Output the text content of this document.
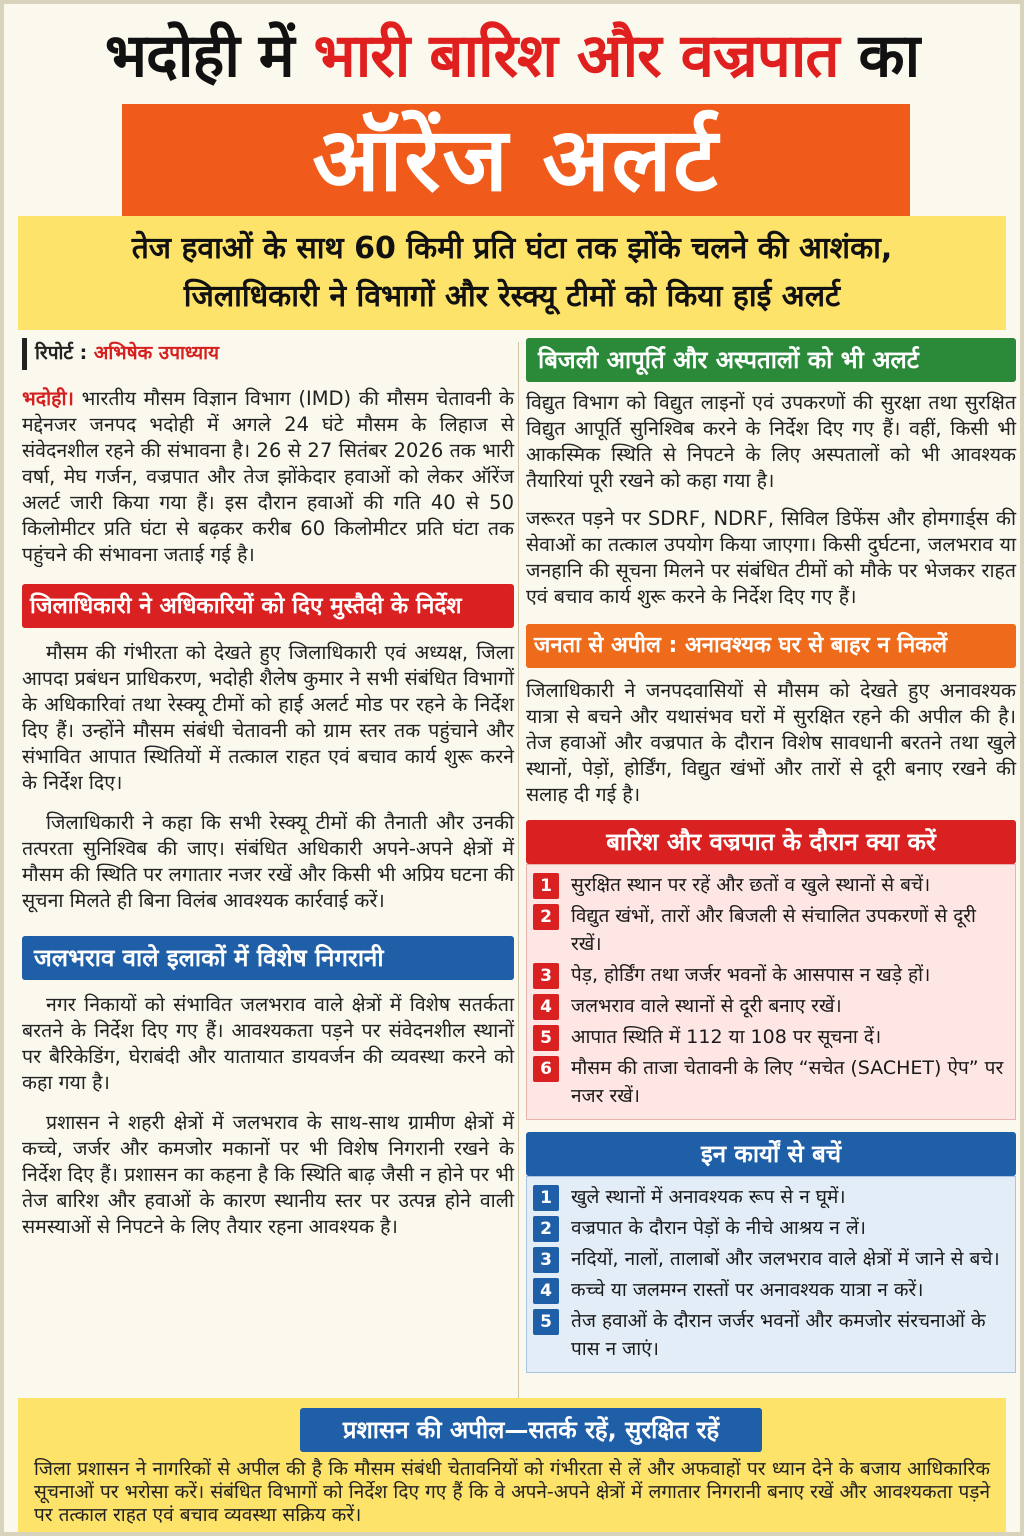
भदोही में भारी बारिश और वज्रपात का
ऑरेंज अलर्ट
तेज हवाओं के साथ 60 किमी प्रति घंटा तक झोंके चलने की आशंका,
जिलाधिकारी ने विभागों और रेस्क्यू टीमों को किया हाई अलर्ट
रिपोर्ट : अभिषेक उपाध्याय

भदोही। भारतीय मौसम विज्ञान विभाग (IMD) की मौसम चेतावनी के मद्देनजर जनपद भदोही में अगले 24 घंटे मौसम के लिहाज से संवेदनशील रहने की संभावना है। 26 से 27 सितंबर 2026 तक भारी वर्षा, मेघ गर्जन, वज्रपात और तेज झोंकेदार हवाओं को लेकर ऑरेंज अलर्ट जारी किया गया हैं। इस दौरान हवाओं की गति 40 से 50 किलोमीटर प्रति घंटा से बढ़कर करीब 60 किलोमीटर प्रति घंटा तक पहुंचने की संभावना जताई गई है।

जिलाधिकारी ने अधिकारियों को दिए मुस्तैदी के निर्देश

मौसम की गंभीरता को देखते हुए जिलाधिकारी एवं अध्यक्ष, जिला आपदा प्रबंधन प्राधिकरण, भदोही शैलेष कुमार ने सभी संबंधित विभागों के अधिकारिवां तथा रेस्क्यू टीमों को हाई अलर्ट मोड पर रहने के निर्देश दिए हैं। उन्होंने मौसम संबंधी चेतावनी को ग्राम स्तर तक पहुंचाने और संभावित आपात स्थितियों में तत्काल राहत एवं बचाव कार्य शुरू करने के निर्देश दिए।

जिलाधिकारी ने कहा कि सभी रेस्क्यू टीमों की तैनाती और उनकी तत्परता सुनिश्विब की जाए। संबंधित अधिकारी अपने-अपने क्षेत्रों में मौसम की स्थिति पर लगातार नजर रखें और किसी भी अप्रिय घटना की सूचना मिलते ही बिना विलंब आवश्यक कार्रवाई करें।

जलभराव वाले इलाकों में विशेष निगरानी

नगर निकायों को संभावित जलभराव वाले क्षेत्रों में विशेष सतर्कता बरतने के निर्देश दिए गए हैं। आवश्यकता पड़ने पर संवेदनशील स्थानों पर बैरिकेडिंग, घेराबंदी और यातायात डायवर्जन की व्यवस्था करने को कहा गया है।

प्रशासन ने शहरी क्षेत्रों में जलभराव के साथ-साथ ग्रामीण क्षेत्रों में कच्चे, जर्जर और कमजोर मकानों पर भी विशेष निगरानी रखने के निर्देश दिए हैं। प्रशासन का कहना है कि स्थिति बाढ़ जैसी न होने पर भी तेज बारिश और हवाओं के कारण स्थानीय स्तर पर उत्पन्न होने वाली समस्याओं से निपटने के लिए तैयार रहना आवश्यक है।

बिजली आपूर्ति और अस्पतालों को भी अलर्ट

विद्युत विभाग को विद्युत लाइनों एवं उपकरणों की सुरक्षा तथा सुरक्षित विद्युत आपूर्ति सुनिश्विब करने के निर्देश दिए गए हैं। वहीं, किसी भी आकस्मिक स्थिति से निपटने के लिए अस्पतालों को भी आवश्यक तैयारियां पूरी रखने को कहा गया है।

जरूरत पड़ने पर SDRF, NDRF, सिविल डिफेंस और होमगार्ड्स की सेवाओं का तत्काल उपयोग किया जाएगा। किसी दुर्घटना, जलभराव या जनहानि की सूचना मिलने पर संबंधित टीमों को मौके पर भेजकर राहत एवं बचाव कार्य शुरू करने के निर्देश दिए गए हैं।

जनता से अपील : अनावश्यक घर से बाहर न निकलें

जिलाधिकारी ने जनपदवासियों से मौसम को देखते हुए अनावश्यक यात्रा से बचने और यथासंभव घरों में सुरक्षित रहने की अपील की है। तेज हवाओं और वज्रपात के दौरान विशेष सावधानी बरतने तथा खुले स्थानों, पेड़ों, होर्डिंग, विद्युत खंभों और तारों से दूरी बनाए रखने की सलाह दी गई है।

बारिश और वज्रपात के दौरान क्या करें
1	सुरक्षित स्थान पर रहें और छतों व खुले स्थानों से बचें।
2	विद्युत खंभों, तारों और बिजली से संचालित उपकरणों से दूरी रखें।
3	पेड़, होर्डिंग तथा जर्जर भवनों के आसपास न खड़े हों।
4	जलभराव वाले स्थानों से दूरी बनाए रखें।
5	आपात स्थिति में 112 या 108 पर सूचना दें।
6	मौसम की ताजा चेतावनी के लिए “सचेत (SACHET) ऐप” पर नजर रखें।
इन कार्यों से बचें
1	खुले स्थानों में अनावश्यक रूप से न घूमें।
2	वज्रपात के दौरान पेड़ों के नीचे आश्रय न लें।
3	नदियों, नालों, तालाबों और जलभराव वाले क्षेत्रों में जाने से बचे।
4	कच्चे या जलमग्न रास्तों पर अनावश्यक यात्रा न करें।
5	तेज हवाओं के दौरान जर्जर भवनों और कमजोर संरचनाओं के पास न जाएं।
प्रशासन की अपील—सतर्क रहें, सुरक्षित रहें

जिला प्रशासन ने नागरिकों से अपील की है कि मौसम संबंधी चेतावनियों को गंभीरता से लें और अफवाहों पर ध्यान देने के बजाय आधिकारिक सूचनाओं पर भरोसा करें। संबंधित विभागों को निर्देश दिए गए हैं कि वे अपने-अपने क्षेत्रों में लगातार निगरानी बनाए रखें और आवश्यकता पड़ने पर तत्काल राहत एवं बचाव व्यवस्था सक्रिय करें।
